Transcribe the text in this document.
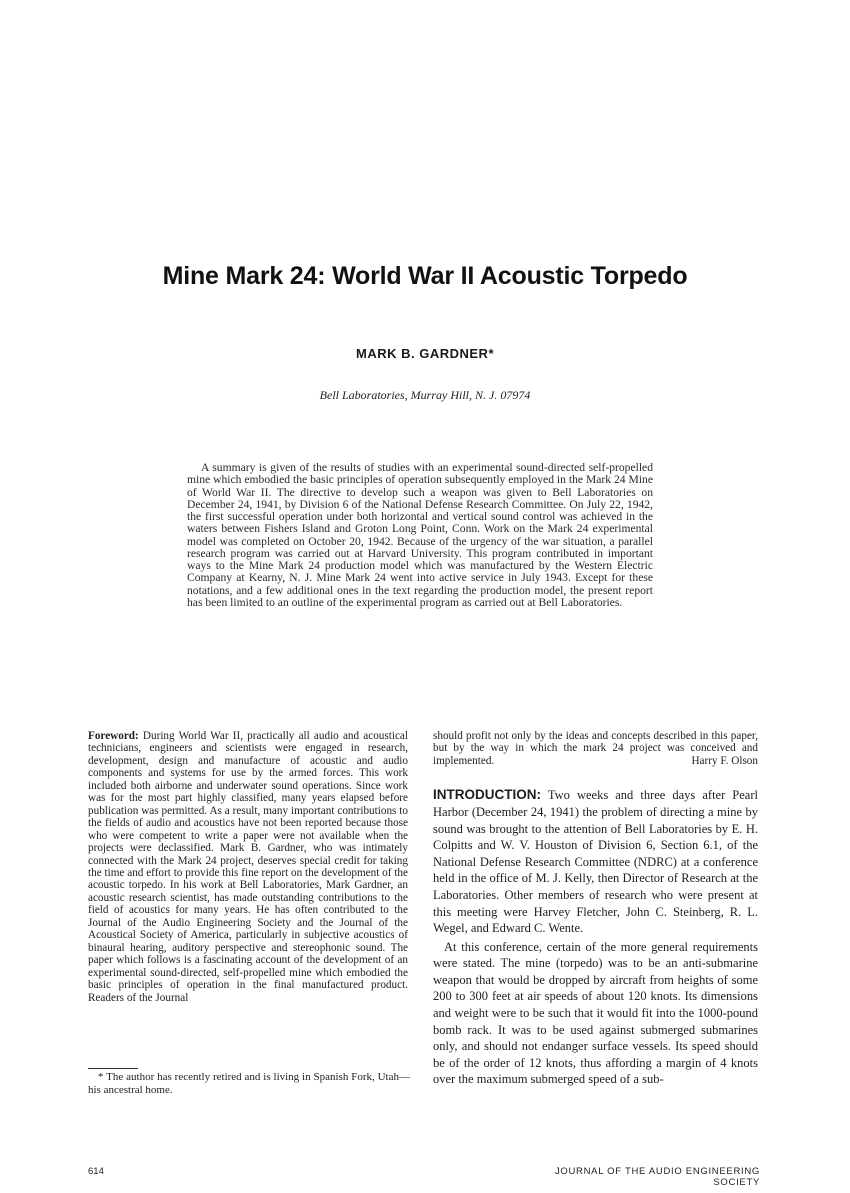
Mine Mark 24: World War II Acoustic Torpedo
MARK B. GARDNER*
Bell Laboratories, Murray Hill, N. J. 07974

A summary is given of the results of studies with an experimental sound-directed self-propelled mine which embodied the basic principles of operation subsequently employed in the Mark 24 Mine of World War II. The directive to develop such a weapon was given to Bell Laboratories on December 24, 1941, by Division 6 of the National Defense Research Committee. On July 22, 1942, the first successful operation under both horizontal and vertical sound control was achieved in the waters between Fishers Island and Groton Long Point, Conn. Work on the Mark 24 experimental model was completed on October 20, 1942. Because of the urgency of the war situation, a parallel research program was carried out at Harvard University. This program contributed in important ways to the Mine Mark 24 production model which was manufactured by the Western Electric Company at Kearny, N. J. Mine Mark 24 went into active service in July 1943. Except for these notations, and a few additional ones in the text regarding the production model, the present report has been limited to an outline of the experimental program as carried out at Bell Laboratories.

Foreword: During World War II, practically all audio and acoustical technicians, engineers and scientists were engaged in research, development, design and manufacture of acoustic and audio components and systems for use by the armed forces. This work included both airborne and underwater sound operations. Since work was for the most part highly classified, many years elapsed before publication was permitted. As a result, many important contributions to the fields of audio and acoustics have not been reported because those who were competent to write a paper were not available when the projects were declassified. Mark B. Gardner, who was intimately connected with the Mark 24 project, deserves special credit for taking the time and effort to provide this fine report on the development of the acoustic torpedo. In his work at Bell Laboratories, Mark Gardner, an acoustic research scientist, has made outstanding contributions to the field of acoustics for many years. He has often contributed to the Journal of the Audio Engineering Society and the Journal of the Acoustical Society of America, particularly in subjective acoustics of binaural hearing, auditory perspective and stereophonic sound. The paper which follows is a fascinating account of the development of an experimental sound-directed, self-propelled mine which embodied the basic principles of operation in the final manufactured product. Readers of the Journal

* The author has recently retired and is living in Spanish Fork, Utah—his ancestral home.

should profit not only by the ideas and concepts described in this paper, but by the way in which the mark 24 project was conceived and implemented.	Harry F. Olson

INTRODUCTION: Two weeks and three days after Pearl Harbor (December 24, 1941) the problem of directing a mine by sound was brought to the attention of Bell Laboratories by E. H. Colpitts and W. V. Houston of Division 6, Section 6.1, of the National Defense Research Committee (NDRC) at a conference held in the office of M. J. Kelly, then Director of Research at the Laboratories. Other members of research who were present at this meeting were Harvey Fletcher, John C. Steinberg, R. L. Wegel, and Edward C. Wente.

At this conference, certain of the more general requirements were stated. The mine (torpedo) was to be an anti-submarine weapon that would be dropped by aircraft from heights of some 200 to 300 feet at air speeds of about 120 knots. Its dimensions and weight were to be such that it would fit into the 1000-pound bomb rack. It was to be used against submerged submarines only, and should not endanger surface vessels. Its speed should be of the order of 12 knots, thus affording a margin of 4 knots over the maximum submerged speed of a sub-

614	JOURNAL OF THE AUDIO ENGINEERING SOCIETY
